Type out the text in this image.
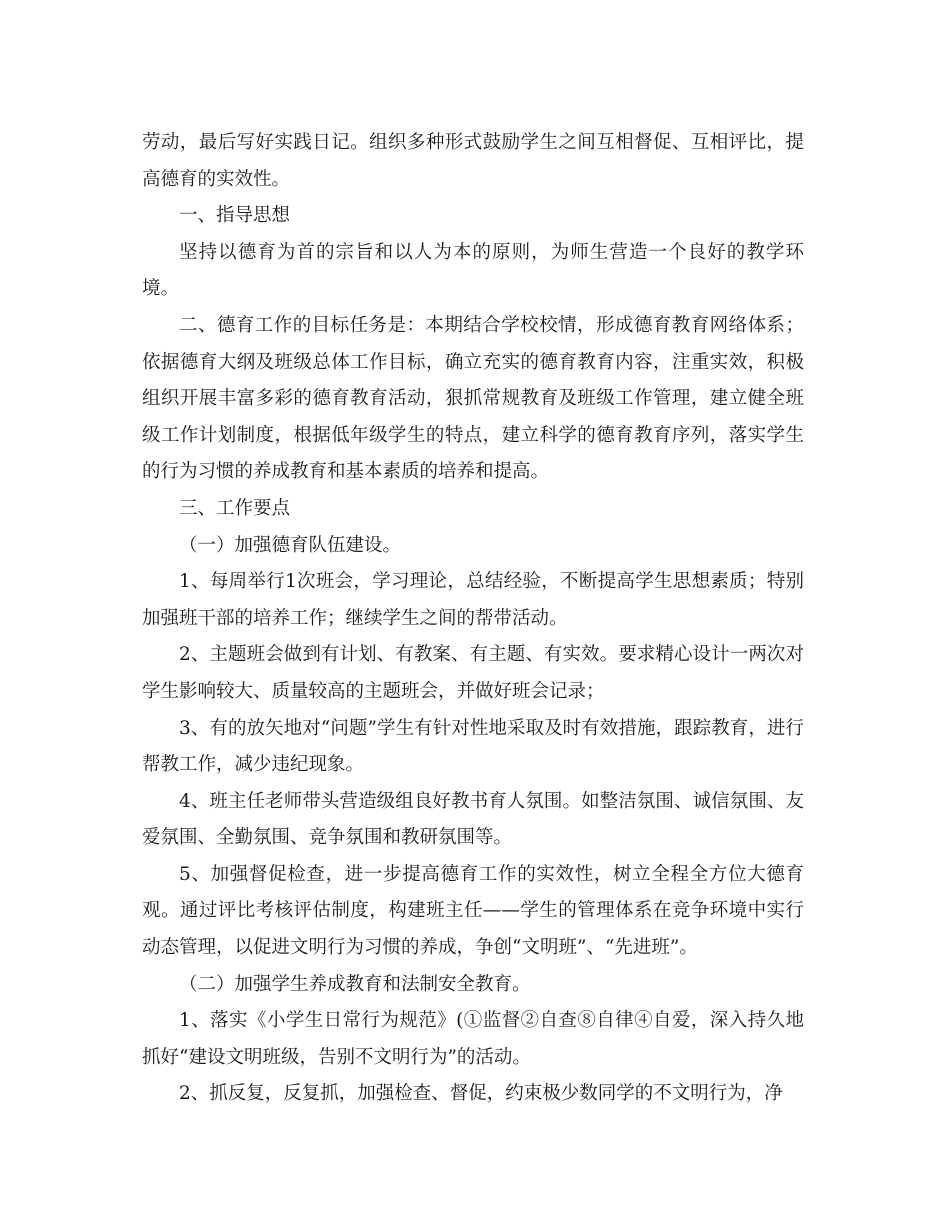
劳动，最后写好实践日记。组织多种形式鼓励学生之间互相督促、互相评比，提高德育的实效性。

一、指导思想

坚持以德育为首的宗旨和以人为本的原则，为师生营造一个良好的教学环境。

二、德育工作的目标任务是：本期结合学校校情，形成德育教育网络体系；依据德育大纲及班级总体工作目标，确立充实的德育教育内容，注重实效，积极组织开展丰富多彩的德育教育活动，狠抓常规教育及班级工作管理，建立健全班级工作计划制度，根据低年级学生的特点，建立科学的德育教育序列，落实学生的行为习惯的养成教育和基本素质的培养和提高。

三、工作要点

（一）加强德育队伍建设。

1、每周举行1次班会，学习理论，总结经验，不断提高学生思想素质；特别加强班干部的培养工作；继续学生之间的帮带活动。

2、主题班会做到有计划、有教案、有主题、有实效。要求精心设计一两次对学生影响较大、质量较高的主题班会，并做好班会记录；

3、有的放矢地对“问题”学生有针对性地采取及时有效措施，跟踪教育，进行帮教工作，减少违纪现象。

4、班主任老师带头营造级组良好教书育人氛围。如整洁氛围、诚信氛围、友爱氛围、全勤氛围、竞争氛围和教研氛围等。

5、加强督促检查，进一步提高德育工作的实效性，树立全程全方位大德育观。通过评比考核评估制度，构建班主任——学生的管理体系在竞争环境中实行动态管理，以促进文明行为习惯的养成，争创“文明班”、“先进班”。

（二）加强学生养成教育和法制安全教育。

1、落实《小学生日常行为规范》(①监督②自查⑧自律④自爱，深入持久地抓好“建设文明班级，告别不文明行为”的活动。

2、抓反复，反复抓，加强检查、督促，约束极少数同学的不文明行为，净
